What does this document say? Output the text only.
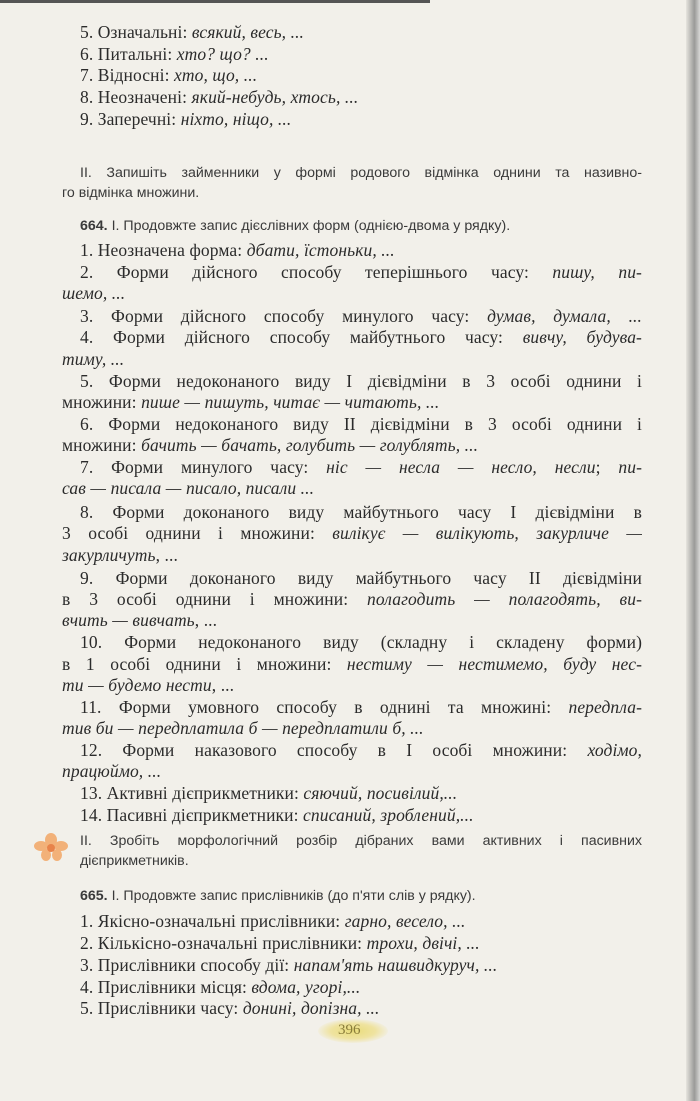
5. Означальні: всякий, весь, ...
6. Питальні: хто? що? ...
7. Відносні: хто, що, ...
8. Неозначені: який-небудь, хтось, ...
9. Заперечні: ніхто, ніщо, ...
II. Запишіть займенники у формі родового відмінка однини та називно-
го відмінка множини.
664. I. Продовжте запис дієслівних форм (однією-двома у рядку).
1. Неозначена форма: дбати, їстоньки, ...
2. Форми дійсного способу теперішнього часу: пишу, пи-
шемо, ...
3. Форми дійсного способу минулого часу: думав, думала, ...
4. Форми дійсного способу майбутнього часу: вивчу, будува-
тиму, ...
5. Форми недоконаного виду I дієвідміни в 3 особі однини і
множини: пише — пишуть, читає — читають, ...
6. Форми недоконаного виду II дієвідміни в 3 особі однини і
множини: бачить — бачать, голубить — голублять, ...
7. Форми минулого часу: ніс — несла — несло, несли; пи-
сав — писала — писало, писали ...
8. Форми доконаного виду майбутнього часу I дієвідміни в
3 особі однини і множини: вилікує — вилікують, закурличе —
закурличуть, ...
9. Форми доконаного виду майбутнього часу II дієвідміни
в 3 особі однини і множини: полагодить — полагодять, ви-
вчить — вивчать, ...
10. Форми недоконаного виду (складну і складену форми)
в 1 особі однини і множини: нестиму — нестимемо, буду нес-
ти — будемо нести, ...
11. Форми умовного способу в однині та множині: передпла-
тив би — передплатила б — передплатили б, ...
12. Форми наказового способу в I особі множини: ходімо,
працюймо, ...
13. Активні дієприкметники: сяючий, посивілий,...
14. Пасивні дієприкметники: списаний, зроблений,...
II. Зробіть морфологічний розбір дібраних вами активних і пасивних
дієприкметників.
665. I. Продовжте запис прислівників (до п'яти слів у рядку).
1. Якісно-означальні прислівники: гарно, весело, ...
2. Кількісно-означальні прислівники: трохи, двічі, ...
3. Прислівники способу дії: напам'ять нашвидкуруч, ...
4. Прислівники місця: вдома, угорі,...
5. Прислівники часу: донині, допізна, ...
396
